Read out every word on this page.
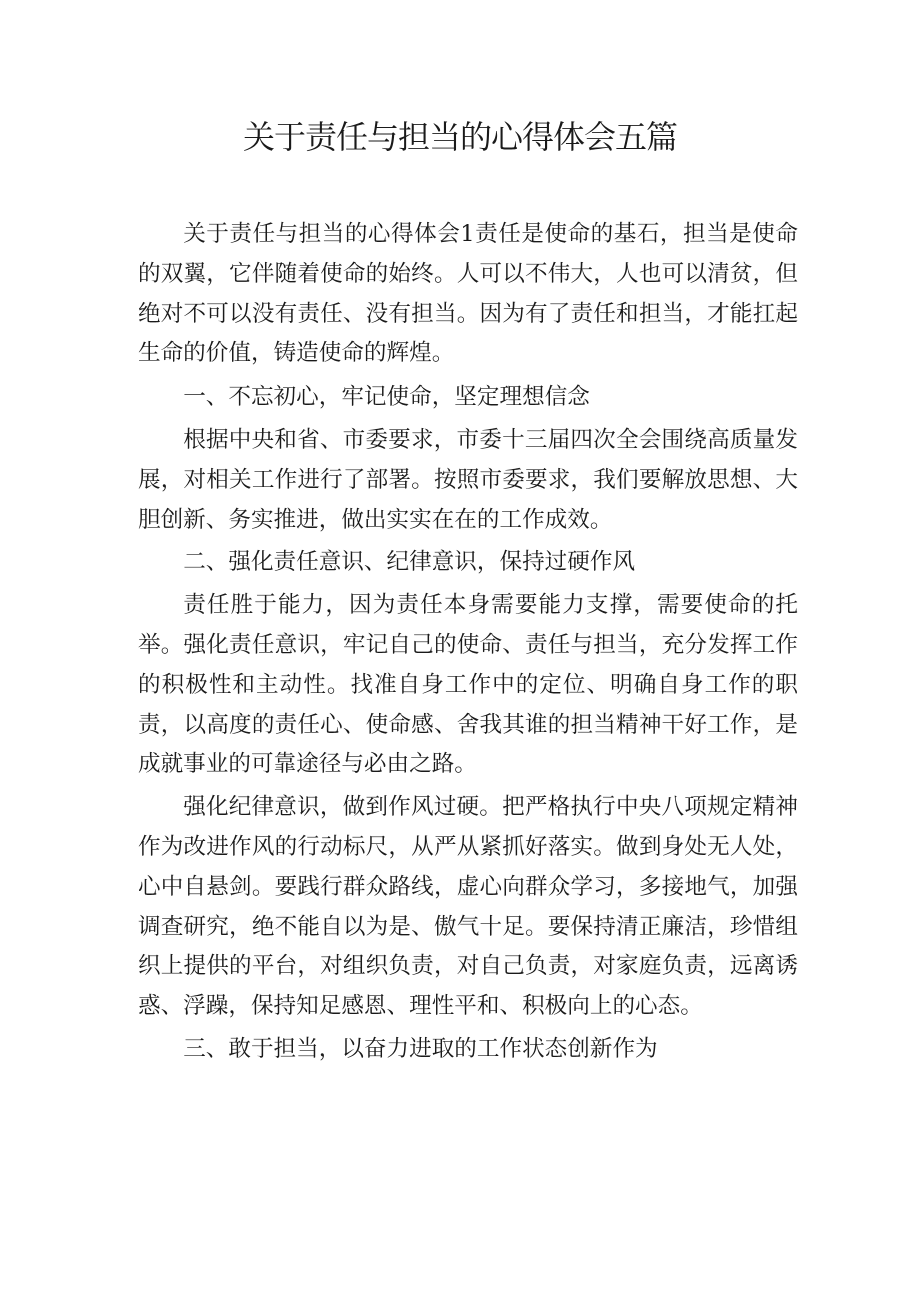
关于责任与担当的心得体会五篇

关于责任与担当的心得体会1责任是使命的基石，担当是使命的双翼，它伴随着使命的始终。人可以不伟大，人也可以清贫，但绝对不可以没有责任、没有担当。因为有了责任和担当，才能扛起生命的价值，铸造使命的辉煌。

一、不忘初心，牢记使命，坚定理想信念

根据中央和省、市委要求，市委十三届四次全会围绕高质量发展，对相关工作进行了部署。按照市委要求，我们要解放思想、大胆创新、务实推进，做出实实在在的工作成效。

二、强化责任意识、纪律意识，保持过硬作风

责任胜于能力，因为责任本身需要能力支撑，需要使命的托举。强化责任意识，牢记自己的使命、责任与担当，充分发挥工作的积极性和主动性。找准自身工作中的定位、明确自身工作的职责，以高度的责任心、使命感、舍我其谁的担当精神干好工作，是成就事业的可靠途径与必由之路。

强化纪律意识，做到作风过硬。把严格执行中央八项规定精神作为改进作风的行动标尺，从严从紧抓好落实。做到身处无人处，心中自悬剑。要践行群众路线，虚心向群众学习，多接地气，加强调查研究，绝不能自以为是、傲气十足。要保持清正廉洁，珍惜组织上提供的平台，对组织负责，对自己负责，对家庭负责，远离诱惑、浮躁，保持知足感恩、理性平和、积极向上的心态。

三、敢于担当，以奋力进取的工作状态创新作为
